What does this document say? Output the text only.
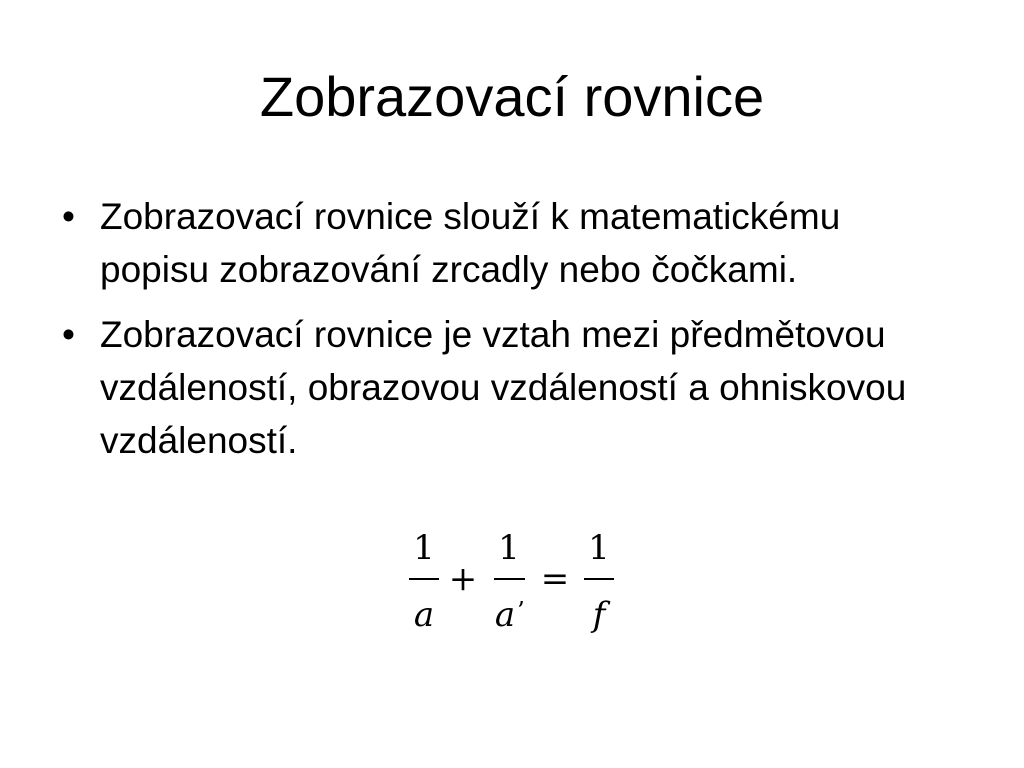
Zobrazovací rovnice
• Zobrazovací rovnice slouží k matematickému popisu zobrazování zrcadly nebo čočkami.
• Zobrazovací rovnice je vztah mezi předmětovou vzdáleností, obrazovou vzdáleností a ohniskovou vzdáleností.
1
a
+
1
a ’
=
1
f
